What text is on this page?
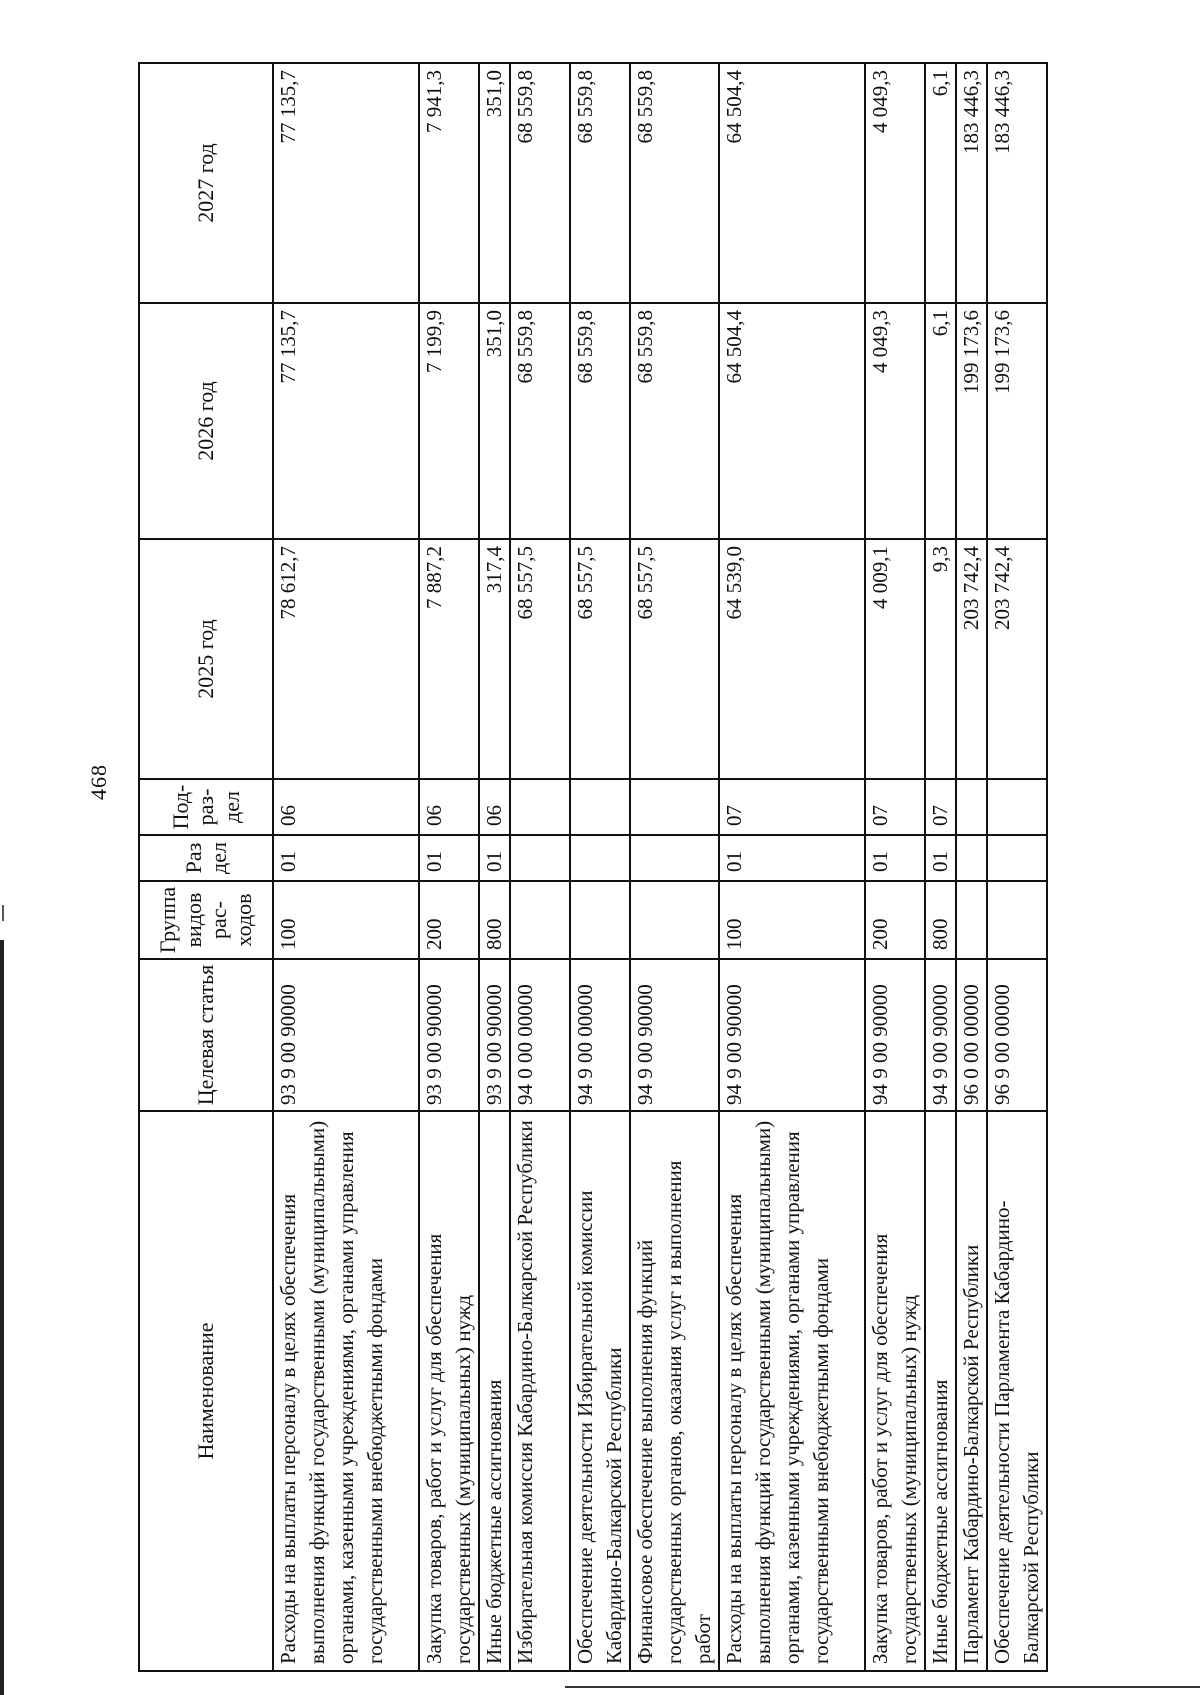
468
Наименование	Целевая статья	Группа видов рас-ходов	Раз дел	Под-раз-дел	2025 год	2026 год	2027 год
Расходы на выплаты персоналу в целях обеспечения выполнения функций государственными (муниципальными) органами, казенными учреждениями, органами управления государственными внебюджетными фондами	93 9 00 90000	100	01	06	78 612,7	77 135,7	77 135,7
Закупка товаров, работ и услуг для обеспечения государственных (муниципальных) нужд	93 9 00 90000	200	01	06	7 887,2	7 199,9	7 941,3
Иные бюджетные ассигнования	93 9 00 90000	800	01	06	317,4	351,0	351,0
Избирательная комиссия Кабардино-Балкарской Республики	94 0 00 00000				68 557,5	68 559,8	68 559,8
Обеспечение деятельности Избирательной комиссии Кабардино-Балкарской Республики	94 9 00 00000				68 557,5	68 559,8	68 559,8
Финансовое обеспечение выполнения функций государственных органов, оказания услуг и выполнения работ	94 9 00 90000				68 557,5	68 559,8	68 559,8
Расходы на выплаты персоналу в целях обеспечения выполнения функций государственными (муниципальными) органами, казенными учреждениями, органами управления государственными внебюджетными фондами	94 9 00 90000	100	01	07	64 539,0	64 504,4	64 504,4
Закупка товаров, работ и услуг для обеспечения государственных (муниципальных) нужд	94 9 00 90000	200	01	07	4 009,1	4 049,3	4 049,3
Иные бюджетные ассигнования	94 9 00 90000	800	01	07	9,3	6,1	6,1
Парламент Кабардино-Балкарской Республики	96 0 00 00000				203 742,4	199 173,6	183 446,3
Обеспечение деятельности Парламента Кабардино-Балкарской Республики	96 9 00 00000				203 742,4	199 173,6	183 446,3
